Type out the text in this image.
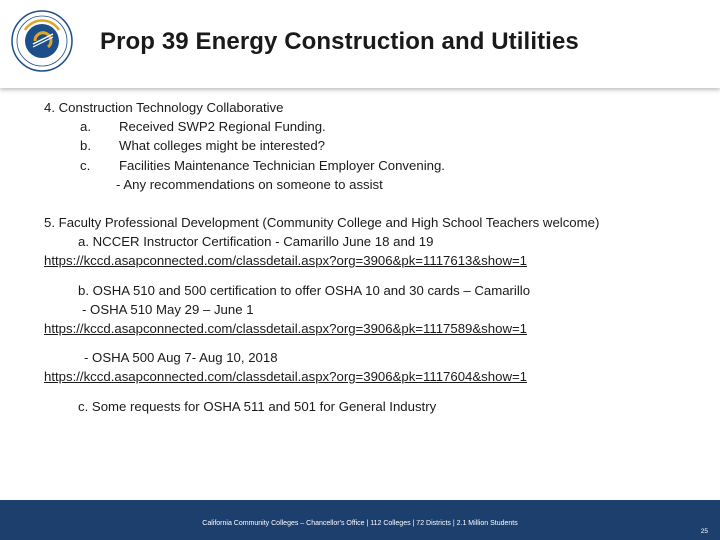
Prop 39 Energy Construction and Utilities
4. Construction Technology Collaborative
a. Received SWP2 Regional Funding.
b. What colleges might be interested?
c. Facilities Maintenance Technician Employer Convening.
- Any recommendations on someone to assist
5. Faculty Professional Development (Community College and High School Teachers welcome)
a. NCCER Instructor Certification - Camarillo June 18 and 19
https://kccd.asapconnected.com/classdetail.aspx?org=3906&pk=1117613&show=1
b. OSHA 510 and 500 certification to offer OSHA 10 and 30 cards – Camarillo
- OSHA 510 May 29 – June 1
https://kccd.asapconnected.com/classdetail.aspx?org=3906&pk=1117589&show=1
- OSHA 500 Aug 7- Aug 10, 2018
https://kccd.asapconnected.com/classdetail.aspx?org=3906&pk=1117604&show=1
c. Some requests for OSHA 511 and 501 for General Industry
California Community Colleges – Chancellor's Office | 112 Colleges | 72 Districts | 2.1 Million Students
25
